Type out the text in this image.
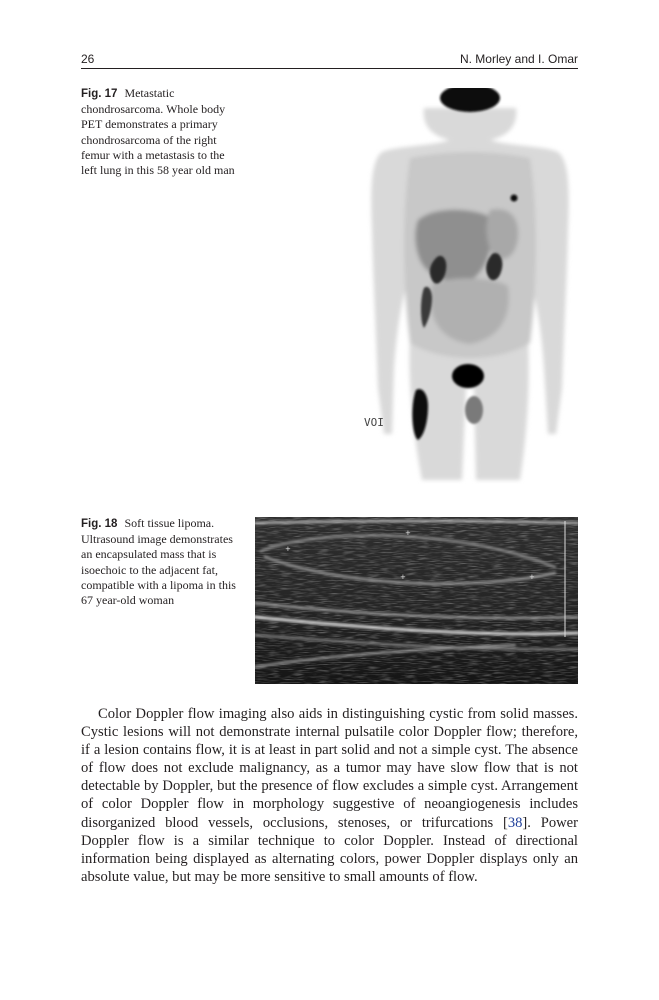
26	N. Morley and I. Omar
Fig. 17 Metastatic chondrosarcoma. Whole body PET demonstrates a primary chondrosarcoma of the right femur with a metastasis to the left lung in this 58 year old man
VOI
Fig. 18 Soft tissue lipoma. Ultrasound image demonstrates an encapsulated mass that is isoechoic to the adjacent fat, compatible with a lipoma in this 67 year-old woman
+
+
+
+
Color Doppler flow imaging also aids in distinguishing cystic from solid masses. Cystic lesions will not demonstrate internal pulsatile color Doppler flow; therefore, if a lesion contains flow, it is at least in part solid and not a simple cyst. The absence of flow does not exclude malignancy, as a tumor may have slow flow that is not detectable by Doppler, but the presence of flow excludes a simple cyst. Arrangement of color Doppler flow in morphology suggestive of neoangiogenesis includes disorganized blood vessels, occlusions, stenoses, or trifurcations [38]. Power Doppler flow is a similar technique to color Doppler. Instead of directional information being displayed as alternating colors, power Doppler displays only an absolute value, but may be more sensitive to small amounts of flow.
